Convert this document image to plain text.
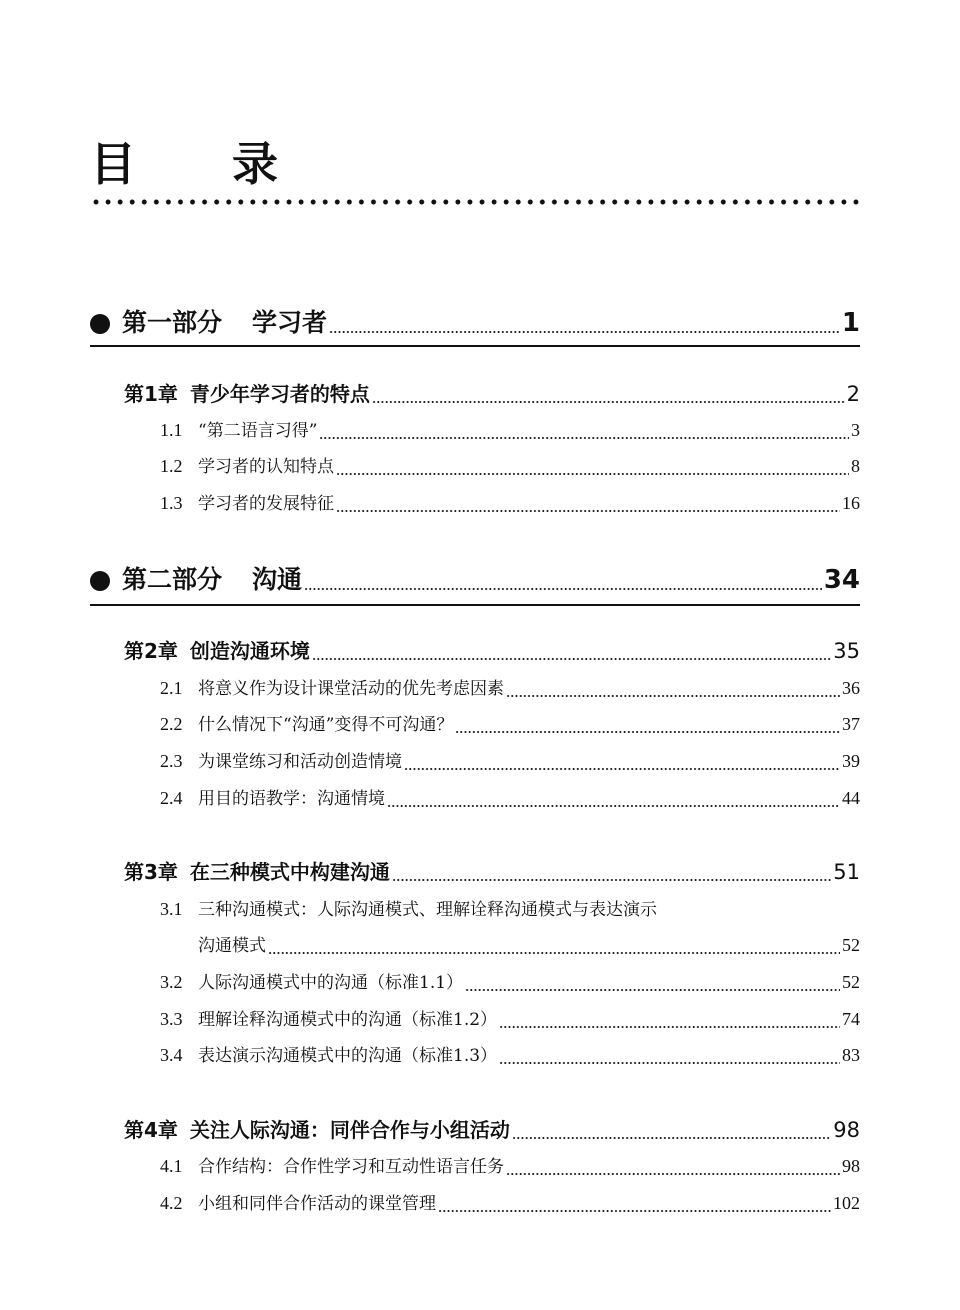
目 录
第一部分 学习者	1
第1章 青少年学习者的特点	2
1.1 “第二语言习得”	3
1.2 学习者的认知特点	8
1.3 学习者的发展特征	16
第二部分 沟通	34
第2章 创造沟通环境	35
2.1 将意义作为设计课堂活动的优先考虑因素	36
2.2 什么情况下“沟通”变得不可沟通？	37
2.3 为课堂练习和活动创造情境	39
2.4 用目的语教学：沟通情境	44
第3章 在三种模式中构建沟通	51
3.1 三种沟通模式：人际沟通模式、理解诠释沟通模式与表达演示
沟通模式	52
3.2 人际沟通模式中的沟通（标准1.1）	52
3.3 理解诠释沟通模式中的沟通（标准1.2）	74
3.4 表达演示沟通模式中的沟通（标准1.3）	83
第4章 关注人际沟通：同伴合作与小组活动	98
4.1 合作结构：合作性学习和互动性语言任务	98
4.2 小组和同伴合作活动的课堂管理	102
